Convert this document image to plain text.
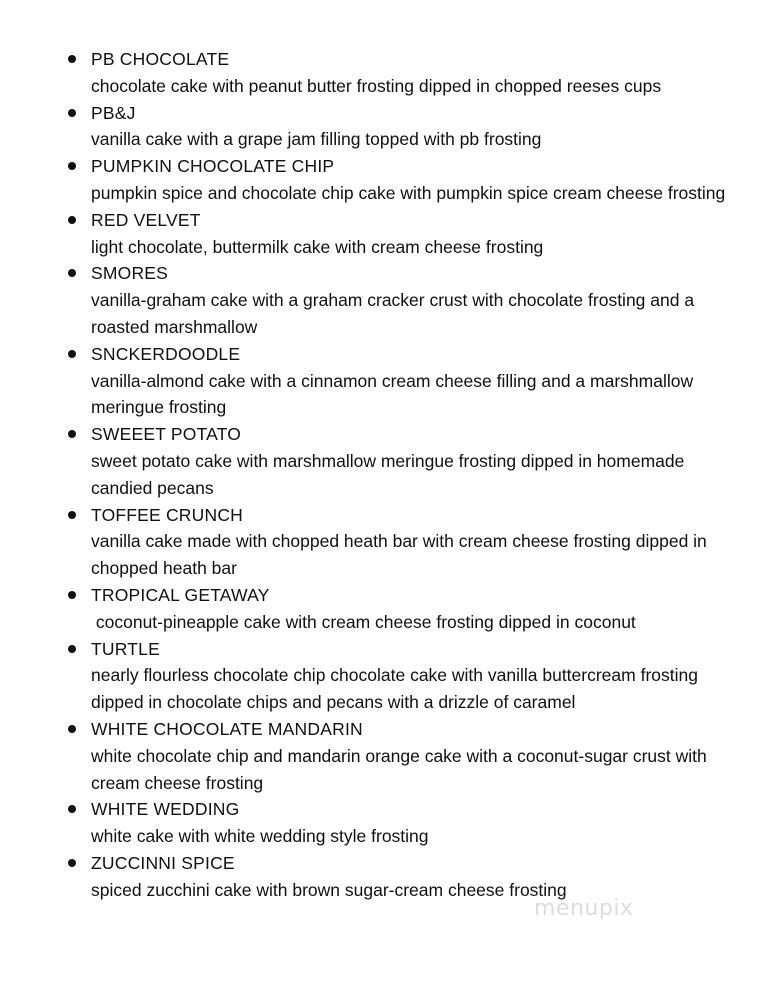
PB CHOCOLATE
chocolate cake with peanut butter frosting dipped in chopped reeses cups
PB&J
vanilla cake with a grape jam filling topped with pb frosting
PUMPKIN CHOCOLATE CHIP
pumpkin spice and chocolate chip cake with pumpkin spice cream cheese frosting
RED VELVET
light chocolate, buttermilk cake with cream cheese frosting
SMORES
vanilla-graham cake with a graham cracker crust with chocolate frosting and a roasted marshmallow
SNCKERDOODLE
vanilla-almond cake with a cinnamon cream cheese filling and a marshmallow meringue frosting
SWEEET POTATO
sweet potato cake with marshmallow meringue frosting dipped in homemade candied pecans
TOFFEE CRUNCH
vanilla cake made with chopped heath bar with cream cheese frosting dipped in chopped heath bar
TROPICAL GETAWAY
coconut-pineapple cake with cream cheese frosting dipped in coconut
TURTLE
nearly flourless chocolate chip chocolate cake with vanilla buttercream frosting dipped in chocolate chips and pecans with a drizzle of caramel
WHITE CHOCOLATE MANDARIN
white chocolate chip and mandarin orange cake with a coconut-sugar crust with cream cheese frosting
WHITE WEDDING
white cake with white wedding style frosting
ZUCCINNI SPICE
spiced zucchini cake with brown sugar-cream cheese frosting
menupix
